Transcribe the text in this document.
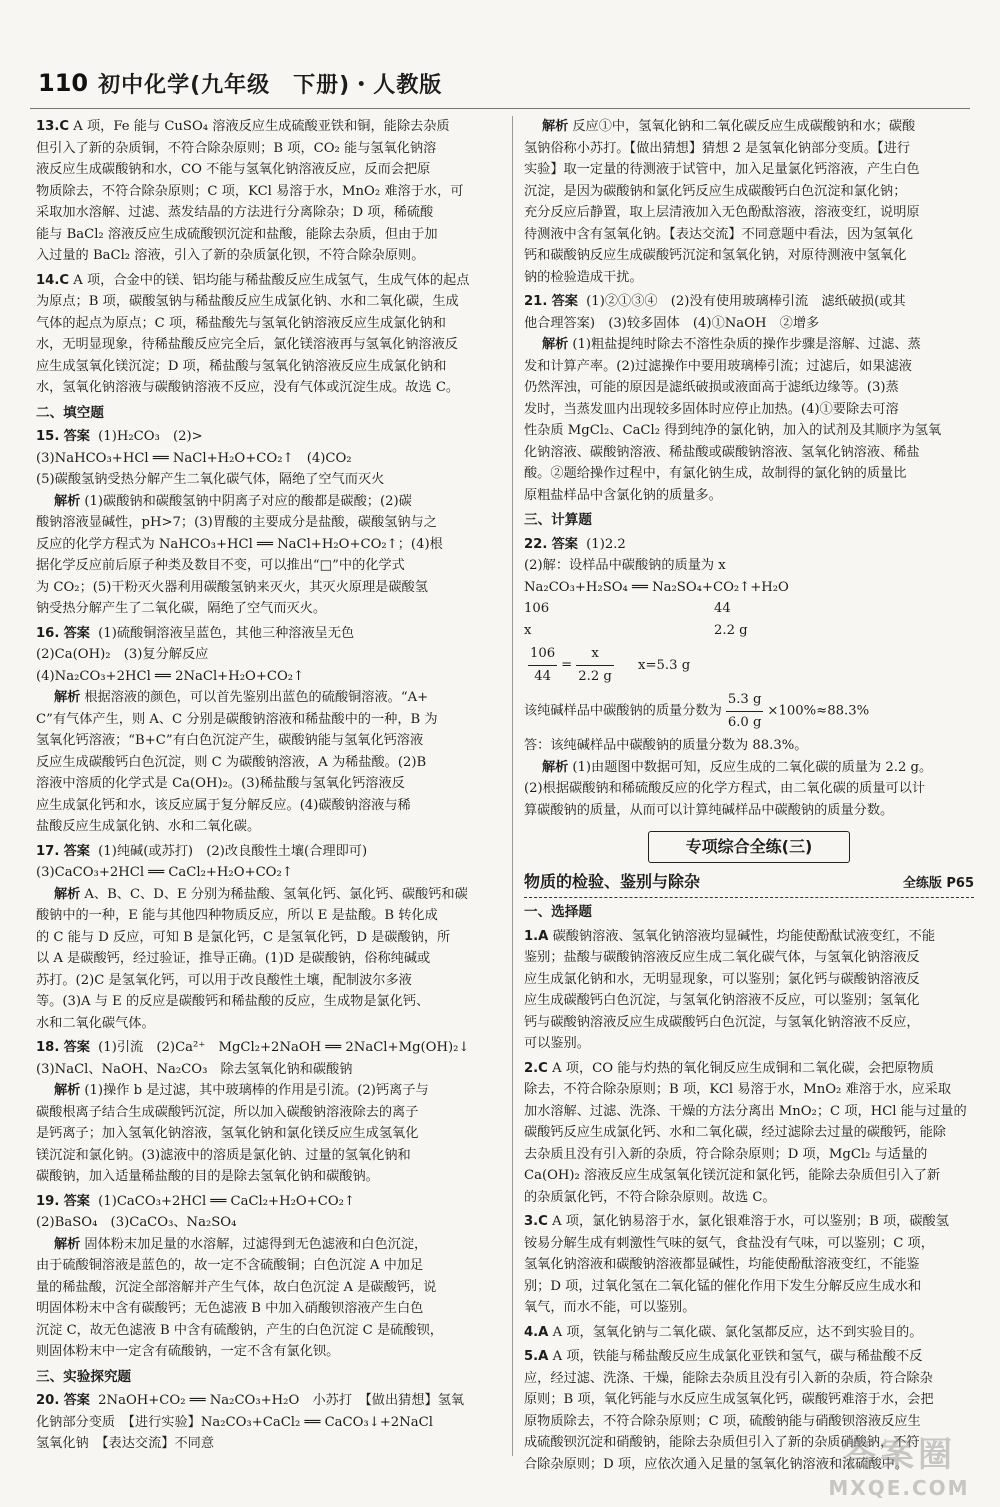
110 初中化学(九年级　下册)・人教版
13.C A 项，Fe 能与 CuSO₄ 溶液反应生成硫酸亚铁和铜，能除去杂质
但引入了新的杂质铜，不符合除杂原则；B 项，CO₂ 能与氢氧化钠溶
液反应生成碳酸钠和水，CO 不能与氢氧化钠溶液反应，反而会把原
物质除去，不符合除杂原则；C 项，KCl 易溶于水，MnO₂ 难溶于水，可
采取加水溶解、过滤、蒸发结晶的方法进行分离除杂；D 项，稀硫酸
能与 BaCl₂ 溶液反应生成硫酸钡沉淀和盐酸，能除去杂质，但由于加
入过量的 BaCl₂ 溶液，引入了新的杂质氯化钡，不符合除杂原则。
14.C A 项，合金中的镁、铝均能与稀盐酸反应生成氢气，生成气体的起点
为原点；B 项，碳酸氢钠与稀盐酸反应生成氯化钠、水和二氧化碳，生成
气体的起点为原点；C 项，稀盐酸先与氢氧化钠溶液反应生成氯化钠和
水，无明显现象，待稀盐酸反应完全后，氯化镁溶液再与氢氧化钠溶液反
应生成氢氧化镁沉淀；D 项，稀盐酸与氢氧化钠溶液反应生成氯化钠和
水，氢氧化钠溶液与碳酸钠溶液不反应，没有气体或沉淀生成。故选 C。
二、填空题
15. 答案 (1)H₂CO₃　(2)>
(3)NaHCO₃+HCl ══ NaCl+H₂O+CO₂↑　(4)CO₂
(5)碳酸氢钠受热分解产生二氧化碳气体，隔绝了空气而灭火
解析 (1)碳酸钠和碳酸氢钠中阴离子对应的酸都是碳酸；(2)碳
酸钠溶液显碱性，pH>7；(3)胃酸的主要成分是盐酸，碳酸氢钠与之
反应的化学方程式为 NaHCO₃+HCl ══ NaCl+H₂O+CO₂↑；(4)根
据化学反应前后原子种类及数目不变，可以推出“□”中的化学式
为 CO₂；(5)干粉灭火器利用碳酸氢钠来灭火，其灭火原理是碳酸氢
钠受热分解产生了二氧化碳，隔绝了空气而灭火。
16. 答案 (1)硫酸铜溶液呈蓝色，其他三种溶液呈无色
(2)Ca(OH)₂　(3)复分解反应
(4)Na₂CO₃+2HCl ══ 2NaCl+H₂O+CO₂↑
解析 根据溶液的颜色，可以首先鉴别出蓝色的硫酸铜溶液。“A+
C”有气体产生，则 A、C 分别是碳酸钠溶液和稀盐酸中的一种，B 为
氢氧化钙溶液；“B+C”有白色沉淀产生，碳酸钠能与氢氧化钙溶液
反应生成碳酸钙白色沉淀，则 C 为碳酸钠溶液，A 为稀盐酸。(2)B
溶液中溶质的化学式是 Ca(OH)₂。(3)稀盐酸与氢氧化钙溶液反
应生成氯化钙和水，该反应属于复分解反应。(4)碳酸钠溶液与稀
盐酸反应生成氯化钠、水和二氧化碳。
17. 答案 (1)纯碱(或苏打)　(2)改良酸性土壤(合理即可)
(3)CaCO₃+2HCl ══ CaCl₂+H₂O+CO₂↑
解析 A、B、C、D、E 分别为稀盐酸、氢氧化钙、氯化钙、碳酸钙和碳
酸钠中的一种，E 能与其他四种物质反应，所以 E 是盐酸。B 转化成
的 C 能与 D 反应，可知 B 是氯化钙，C 是氢氧化钙，D 是碳酸钠，所
以 A 是碳酸钙，经过验证，推导正确。(1)D 是碳酸钠，俗称纯碱或
苏打。(2)C 是氢氧化钙，可以用于改良酸性土壤，配制波尔多液
等。(3)A 与 E 的反应是碳酸钙和稀盐酸的反应，生成物是氯化钙、
水和二氧化碳气体。
18. 答案 (1)引流　(2)Ca²⁺　MgCl₂+2NaOH ══ 2NaCl+Mg(OH)₂↓
(3)NaCl、NaOH、Na₂CO₃　除去氢氧化钠和碳酸钠
解析 (1)操作 b 是过滤，其中玻璃棒的作用是引流。(2)钙离子与
碳酸根离子结合生成碳酸钙沉淀，所以加入碳酸钠溶液除去的离子
是钙离子；加入氢氧化钠溶液，氢氧化钠和氯化镁反应生成氢氧化
镁沉淀和氯化钠。(3)滤液中的溶质是氯化钠、过量的氢氧化钠和
碳酸钠，加入适量稀盐酸的目的是除去氢氧化钠和碳酸钠。
19. 答案 (1)CaCO₃+2HCl ══ CaCl₂+H₂O+CO₂↑
(2)BaSO₄　(3)CaCO₃、Na₂SO₄
解析 固体粉末加足量的水溶解，过滤得到无色滤液和白色沉淀，
由于硫酸铜溶液是蓝色的，故一定不含硫酸铜；白色沉淀 A 中加足
量的稀盐酸，沉淀全部溶解并产生气体，故白色沉淀 A 是碳酸钙，说
明固体粉末中含有碳酸钙；无色滤液 B 中加入硝酸钡溶液产生白色
沉淀 C，故无色滤液 B 中含有硫酸钠，产生的白色沉淀 C 是硫酸钡，
则固体粉末中一定含有硫酸钠，一定不含有氯化钡。
三、实验探究题
20. 答案 2NaOH+CO₂ ══ Na₂CO₃+H₂O　小苏打　【做出猜想】氢氧
化钠部分变质　【进行实验】Na₂CO₃+CaCl₂ ══ CaCO₃↓+2NaCl
氢氧化钠　【表达交流】不同意
解析 反应①中，氢氧化钠和二氧化碳反应生成碳酸钠和水；碳酸
氢钠俗称小苏打。【做出猜想】猜想 2 是氢氧化钠部分变质。【进行
实验】取一定量的待测液于试管中，加入足量氯化钙溶液，产生白色
沉淀，是因为碳酸钠和氯化钙反应生成碳酸钙白色沉淀和氯化钠；
充分反应后静置，取上层清液加入无色酚酞溶液，溶液变红，说明原
待测液中含有氢氧化钠。【表达交流】不同意题中看法，因为氢氧化
钙和碳酸钠反应生成碳酸钙沉淀和氢氧化钠，对原待测液中氢氧化
钠的检验造成干扰。
21. 答案 (1)②①③④　(2)没有使用玻璃棒引流　滤纸破损(或其
他合理答案)　(3)较多固体　(4)①NaOH　②增多
解析 (1)粗盐提纯时除去不溶性杂质的操作步骤是溶解、过滤、蒸
发和计算产率。(2)过滤操作中要用玻璃棒引流；过滤后，如果滤液
仍然浑浊，可能的原因是滤纸破损或液面高于滤纸边缘等。(3)蒸
发时，当蒸发皿内出现较多固体时应停止加热。(4)①要除去可溶
性杂质 MgCl₂、CaCl₂ 得到纯净的氯化钠，加入的试剂及其顺序为氢氧
化钠溶液、碳酸钠溶液、稀盐酸或碳酸钠溶液、氢氧化钠溶液、稀盐
酸。②题给操作过程中，有氯化钠生成，故制得的氯化钠的质量比
原粗盐样品中含氯化钠的质量多。
三、计算题
22. 答案 (1)2.2
(2)解：设样品中碳酸钠的质量为 x
Na₂CO₃+H₂SO₄ ══ Na₂SO₄+CO₂↑+H₂O
106	44
x	2.2 g
$\frac{106}{44} = \frac{x}{2.2 g} x=5.3$ g
该纯碱样品中碳酸钠的质量分数为 $\frac{5.3 g}{6.0 g} \times 100\%\approx 88.3\%$
答：该纯碱样品中碳酸钠的质量分数为 88.3%。
解析 (1)由题图中数据可知，反应生成的二氧化碳的质量为 2.2 g。
(2)根据碳酸钠和稀硫酸反应的化学方程式，由二氧化碳的质量可以计
算碳酸钠的质量，从而可以计算纯碱样品中碳酸钠的质量分数。
专项综合全练(三)
物质的检验、鉴别与除杂	全练版 P65
一、选择题
1.A 碳酸钠溶液、氢氧化钠溶液均显碱性，均能使酚酞试液变红，不能
鉴别；盐酸与碳酸钠溶液反应生成二氧化碳气体，与氢氧化钠溶液反
应生成氯化钠和水，无明显现象，可以鉴别；氯化钙与碳酸钠溶液反
应生成碳酸钙白色沉淀，与氢氧化钠溶液不反应，可以鉴别；氢氧化
钙与碳酸钠溶液反应生成碳酸钙白色沉淀，与氢氧化钠溶液不反应，
可以鉴别。
2.C A 项，CO 能与灼热的氧化铜反应生成铜和二氧化碳，会把原物质
除去，不符合除杂原则；B 项，KCl 易溶于水，MnO₂ 难溶于水，应采取
加水溶解、过滤、洗涤、干燥的方法分离出 MnO₂；C 项，HCl 能与过量的
碳酸钙反应生成氯化钙、水和二氧化碳，经过滤除去过量的碳酸钙，能除
去杂质且没有引入新的杂质，符合除杂原则；D 项，MgCl₂ 与适量的
Ca(OH)₂ 溶液反应生成氢氧化镁沉淀和氯化钙，能除去杂质但引入了新
的杂质氯化钙，不符合除杂原则。故选 C。
3.C A 项，氯化钠易溶于水，氯化银难溶于水，可以鉴别；B 项，碳酸氢
铵易分解生成有刺激性气味的氨气，食盐没有气味，可以鉴别；C 项，
氢氧化钠溶液和碳酸钠溶液都显碱性，均能使酚酞溶液变红，不能鉴
别；D 项，过氧化氢在二氧化锰的催化作用下发生分解反应生成水和
氧气，而水不能，可以鉴别。
4.A A 项，氢氧化钠与二氧化碳、氯化氢都反应，达不到实验目的。
5.A A 项，铁能与稀盐酸反应生成氯化亚铁和氢气，碳与稀盐酸不反
应，经过滤、洗涤、干燥，能除去杂质且没有引入新的杂质，符合除杂
原则；B 项，氧化钙能与水反应生成氢氧化钙，碳酸钙难溶于水，会把
原物质除去，不符合除杂原则；C 项，硫酸钠能与硝酸钡溶液反应生
成硫酸钡沉淀和硝酸钠，能除去杂质但引入了新的杂质硝酸钠，不符
合除杂原则；D 项，应依次通入足量的氢氧化钠溶液和浓硫酸中。
答案圈
MXQE.COM
